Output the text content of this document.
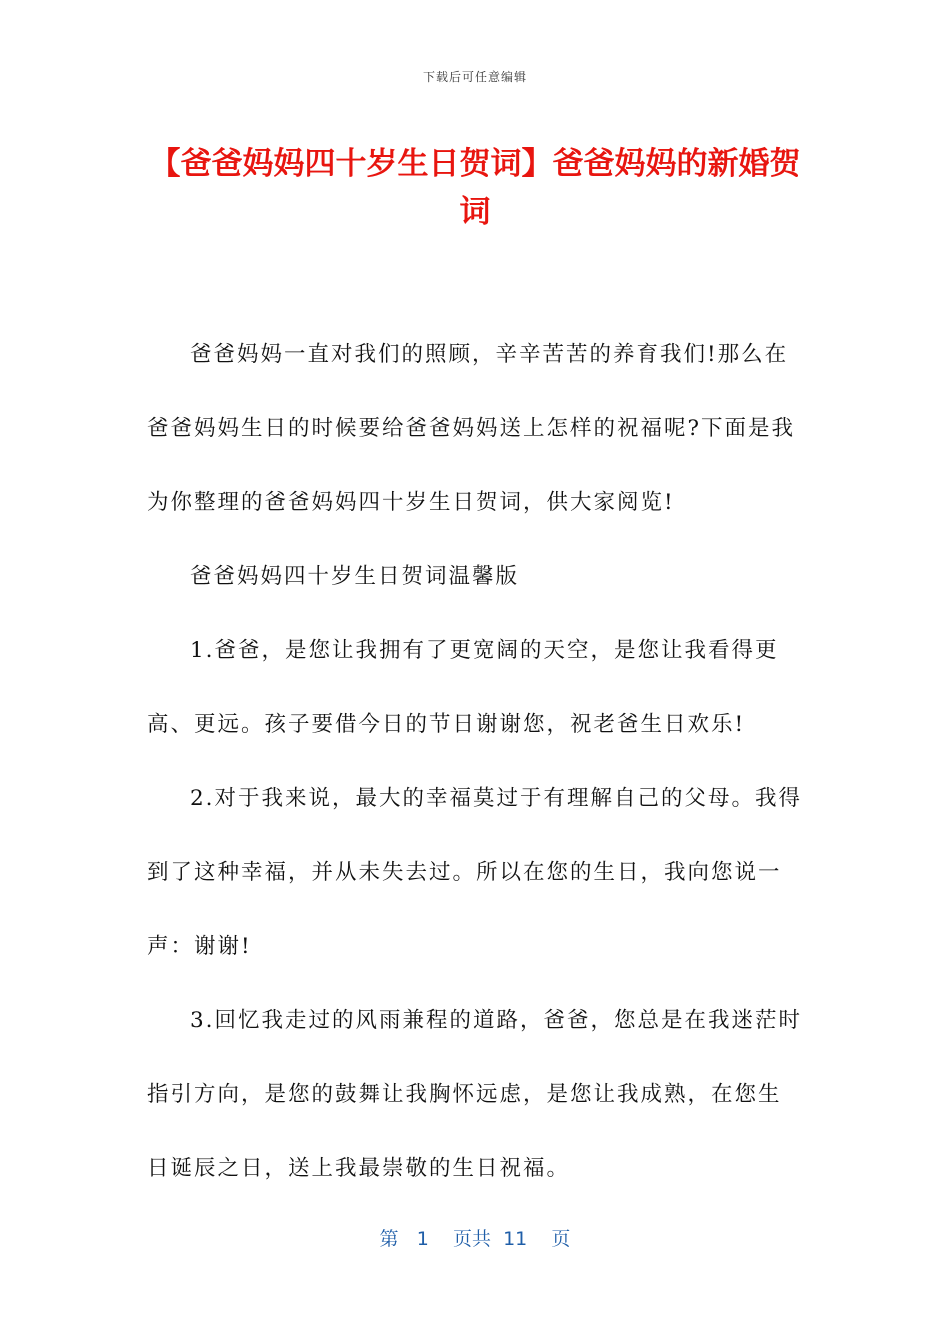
下载后可任意编辑
【爸爸妈妈四十岁生日贺词】爸爸妈妈的新婚贺词

爸爸妈妈一直对我们的照顾，辛辛苦苦的养育我们!那么在爸爸妈妈生日的时候要给爸爸妈妈送上怎样的祝福呢?下面是我为你整理的爸爸妈妈四十岁生日贺词，供大家阅览!

爸爸妈妈四十岁生日贺词温馨版

1.爸爸，是您让我拥有了更宽阔的天空，是您让我看得更高、更远。孩子要借今日的节日谢谢您，祝老爸生日欢乐!

2.对于我来说，最大的幸福莫过于有理解自己的父母。我得到了这种幸福，并从未失去过。所以在您的生日，我向您说一声：谢谢!

3.回忆我走过的风雨兼程的道路，爸爸，您总是在我迷茫时指引方向，是您的鼓舞让我胸怀远虑，是您让我成熟，在您生日诞辰之日，送上我最崇敬的生日祝福。

第 1 页共 11 页
